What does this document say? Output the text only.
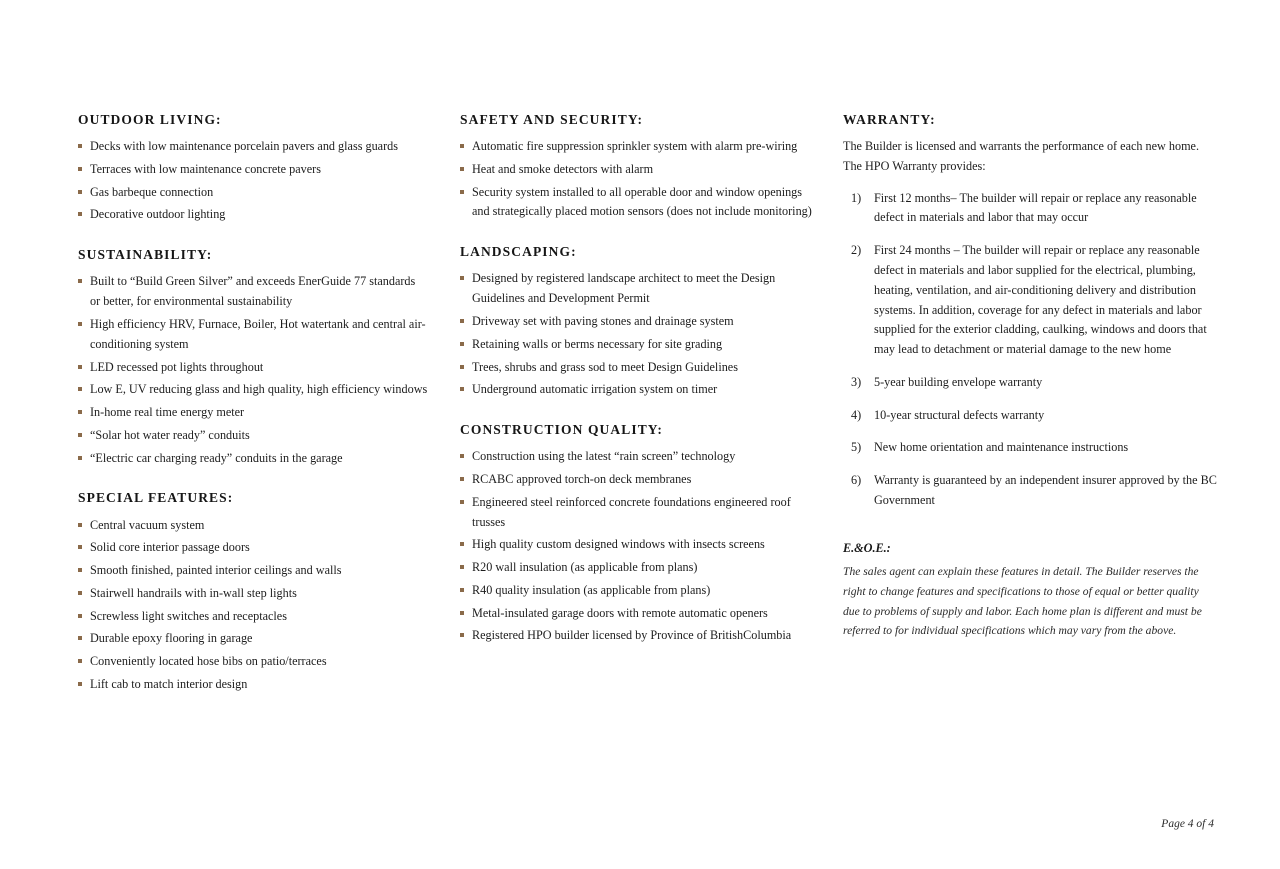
OUTDOOR LIVING:
Decks with low maintenance porcelain pavers and glass guards
Terraces with low maintenance concrete pavers
Gas barbeque connection
Decorative outdoor lighting
SUSTAINABILITY:
Built to “Build Green Silver” and exceeds EnerGuide 77 standards or better, for environmental sustainability
High efficiency HRV, Furnace, Boiler, Hot watertank and central air-conditioning system
LED recessed pot lights throughout
Low E, UV reducing glass and high quality, high efficiency windows
In-home real time energy meter
“Solar hot water ready” conduits
“Electric car charging ready” conduits in the garage
SPECIAL FEATURES:
Central vacuum system
Solid core interior passage doors
Smooth finished, painted interior ceilings and walls
Stairwell handrails with in-wall step lights
Screwless light switches and receptacles
Durable epoxy flooring in garage
Conveniently located hose bibs on patio/terraces
Lift cab to match interior design
SAFETY AND SECURITY:
Automatic fire suppression sprinkler system with alarm pre-wiring
Heat and smoke detectors with alarm
Security system installed to all operable door and window openings and strategically placed motion sensors (does not include monitoring)
LANDSCAPING:
Designed by registered landscape architect to meet the Design Guidelines and Development Permit
Driveway set with paving stones and drainage system
Retaining walls or berms necessary for site grading
Trees, shrubs and grass sod to meet Design Guidelines
Underground automatic irrigation system on timer
CONSTRUCTION QUALITY:
Construction using the latest “rain screen” technology
RCABC approved torch-on deck membranes
Engineered steel reinforced concrete foundations engineered roof trusses
High quality custom designed windows with insects screens
R20 wall insulation (as applicable from plans)
R40 quality insulation (as applicable from plans)
Metal-insulated garage doors with remote automatic openers
Registered HPO builder licensed by Province of BritishColumbia
WARRANTY:

The Builder is licensed and warrants the performance of each new home. The HPO Warranty provides:

First 12 months– The builder will repair or replace any reasonable defect in materials and labor that may occur
First 24 months – The builder will repair or replace any reasonable defect in materials and labor supplied for the electrical, plumbing, heating, ventilation, and air-conditioning delivery and distribution systems. In addition, coverage for any defect in materials and labor supplied for the exterior cladding, caulking, windows and doors that may lead to detachment or material damage to the new home
5-year building envelope warranty
10-year structural defects warranty
New home orientation and maintenance instructions
Warranty is guaranteed by an independent insurer approved by the BC Government
E.&O.E.:
The sales agent can explain these features in detail. The Builder reserves the right to change features and specifications to those of equal or better quality due to problems of supply and labor. Each home plan is different and must be referred to for individual specifications which may vary from the above.
Page 4 of 4
